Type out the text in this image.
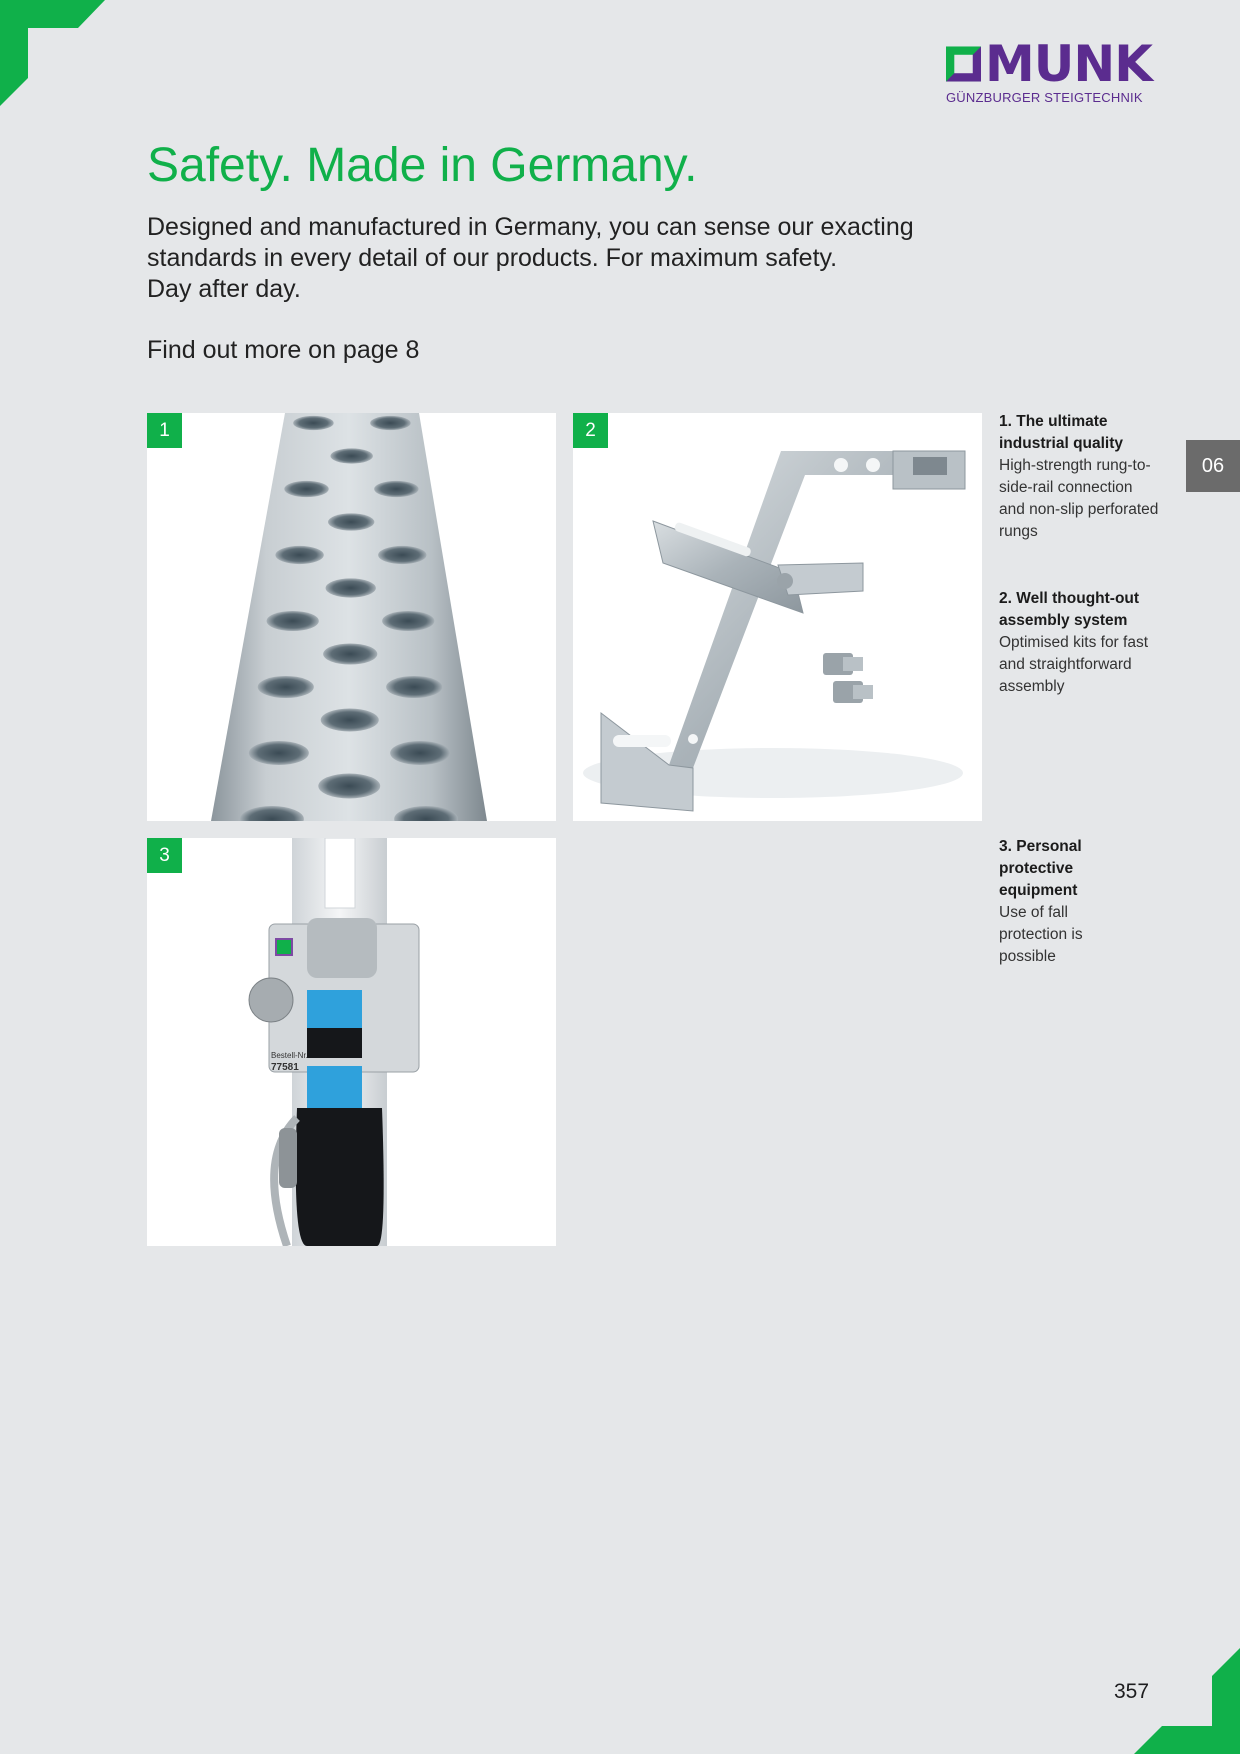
MUNK
GÜNZBURGER STEIGTECHNIK
Safety. Made in Germany.

Designed and manufactured in Germany, you can sense our exacting
standards in every detail of our products. For maximum safety.
Day after day.

Find out more on page 8

1	2
3
Bestell-Nr.
77581
1. The ultimate industrial quality
High-strength rung-to-side-rail connection and non-slip perforated rungs
2. Well thought-out assembly system
Optimised kits for fast and straightforward assembly
3. Personal protective equipment
Use of fall protection is possible
06
357
